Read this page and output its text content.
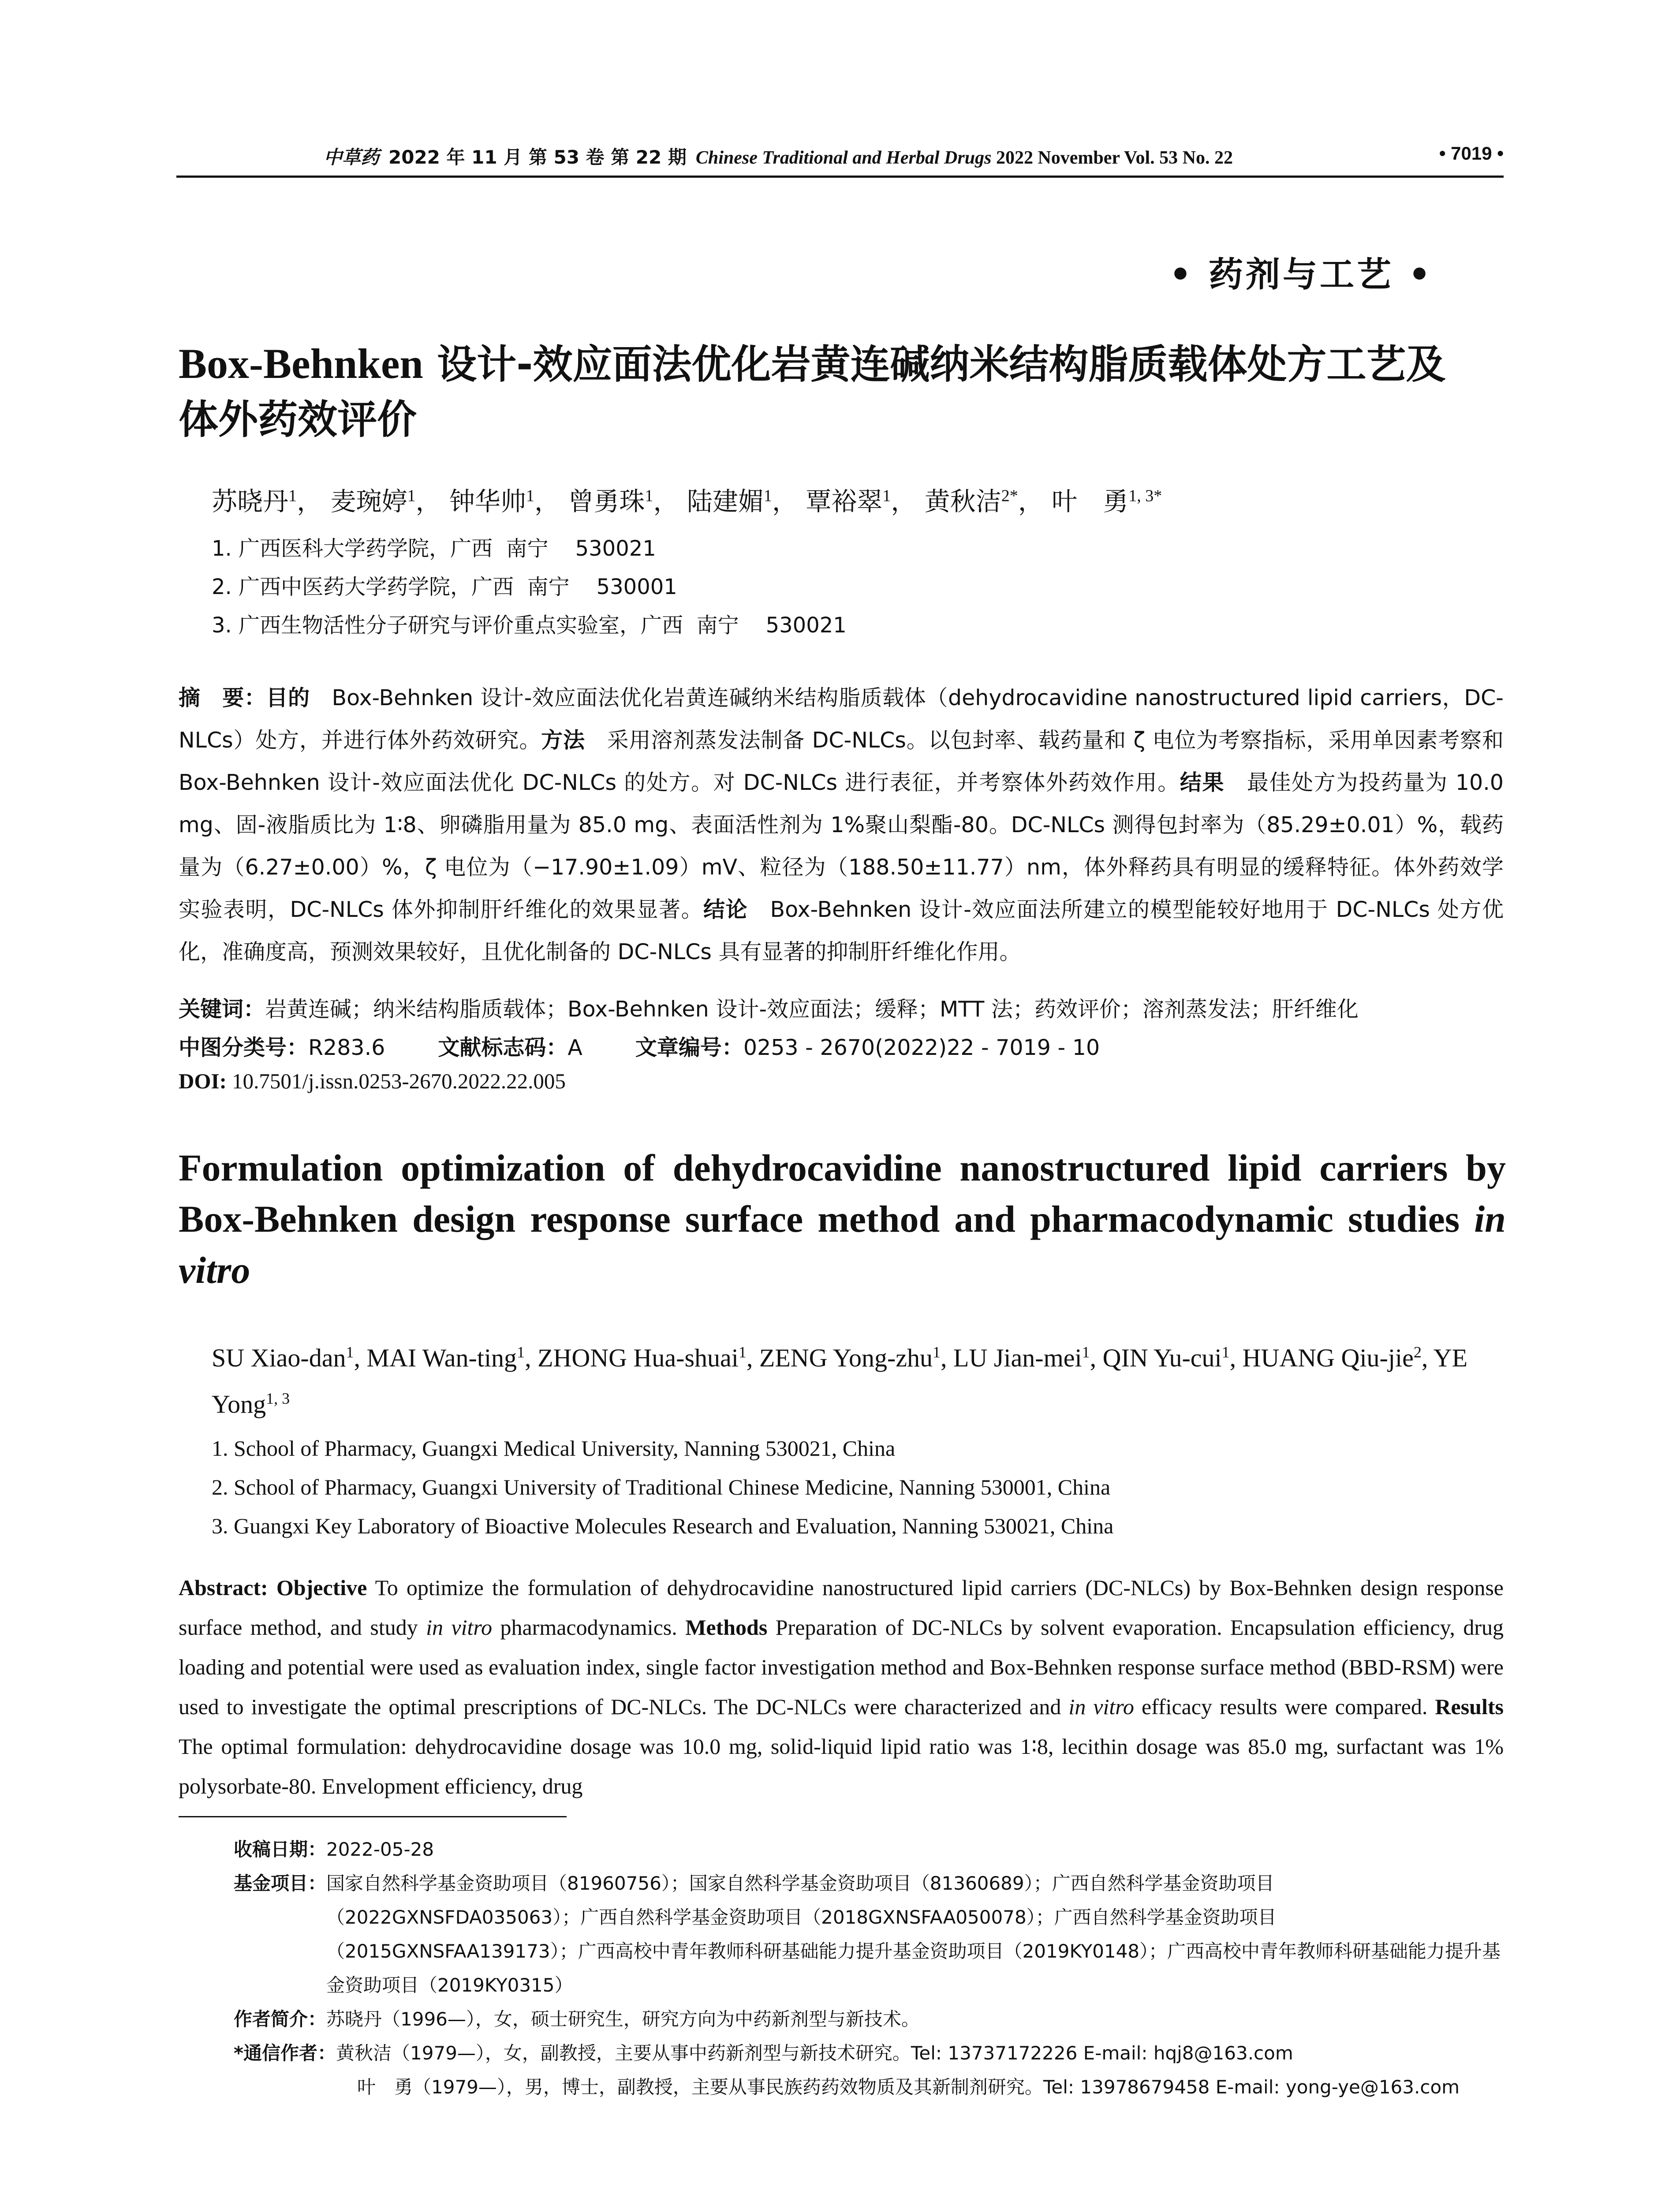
中草药 2022 年 11 月 第 53 卷 第 22 期 Chinese Traditional and Herbal Drugs 2022 November Vol. 53 No. 22	• 7019 •
• 药剂与工艺 •
Box-Behnken 设计-效应面法优化岩黄连碱纳米结构脂质载体处方工艺及
体外药效评价
苏晓丹$^1$， 麦琬婷$^1$， 钟华帅$^1$， 曾勇珠$^1$， 陆建媚$^1$， 覃裕翠$^1$， 黄秋洁$^{2*}$， 叶　勇$^{1, 3*}$
1. 广西医科大学药学院，广西  南宁    530021
2. 广西中医药大学药学院，广西  南宁    530001
3. 广西生物活性分子研究与评价重点实验室，广西  南宁    530021
摘　要：目的　Box-Behnken 设计-效应面法优化岩黄连碱纳米结构脂质载体（dehydrocavidine nanostructured lipid carriers，DC-NLCs）处方，并进行体外药效研究。方法　采用溶剂蒸发法制备 DC-NLCs。以包封率、载药量和 ζ 电位为考察指标，采用单因素考察和 Box-Behnken 设计-效应面法优化 DC-NLCs 的处方。对 DC-NLCs 进行表征，并考察体外药效作用。结果　最佳处方为投药量为 10.0 mg、固-液脂质比为 1∶8、卵磷脂用量为 85.0 mg、表面活性剂为 1%聚山梨酯-80。DC-NLCs 测得包封率为（85.29±0.01）%，载药量为（6.27±0.00）%，ζ 电位为（−17.90±1.09）mV、粒径为（188.50±11.77）nm，体外释药具有明显的缓释特征。体外药效学实验表明，DC-NLCs 体外抑制肝纤维化的效果显著。结论　Box-Behnken 设计-效应面法所建立的模型能较好地用于 DC-NLCs 处方优化，准确度高，预测效果较好，且优化制备的 DC-NLCs 具有显著的抑制肝纤维化作用。
关键词：岩黄连碱；纳米结构脂质载体；Box-Behnken 设计-效应面法；缓释；MTT 法；药效评价；溶剂蒸发法；肝纤维化
中图分类号：R283.6 文献标志码：A 文章编号：0253 - 2670(2022)22 - 7019 - 10
DOI: 10.7501/j.issn.0253-2670.2022.22.005
Formulation optimization of dehydrocavidine nanostructured lipid carriers by Box-Behnken design response surface method and pharmacodynamic studies in vitro
SU Xiao-dan$^1$, MAI Wan-ting$^1$, ZHONG Hua-shuai$^1$, ZENG Yong-zhu$^1$, LU Jian-mei$^1$, QIN Yu-cui$^1$, HUANG Qiu-jie$^2$, YE Yong$^{1, 3}$
1. School of Pharmacy, Guangxi Medical University, Nanning 530021, China
2. School of Pharmacy, Guangxi University of Traditional Chinese Medicine, Nanning 530001, China
3. Guangxi Key Laboratory of Bioactive Molecules Research and Evaluation, Nanning 530021, China
Abstract: Objective To optimize the formulation of dehydrocavidine nanostructured lipid carriers (DC-NLCs) by Box-Behnken design response surface method, and study in vitro pharmacodynamics. Methods Preparation of DC-NLCs by solvent evaporation. Encapsulation efficiency, drug loading and potential were used as evaluation index, single factor investigation method and Box-Behnken response surface method (BBD-RSM) were used to investigate the optimal prescriptions of DC-NLCs. The DC-NLCs were characterized and in vitro efficacy results were compared. Results The optimal formulation: dehydrocavidine dosage was 10.0 mg, solid-liquid lipid ratio was 1∶8, lecithin dosage was 85.0 mg, surfactant was 1% polysorbate-80. Envelopment efficiency, drug
收稿日期： 2022-05-28
基金项目： 国家自然科学基金资助项目（81960756）；国家自然科学基金资助项目（81360689）；广西自然科学基金资助项目（2022GXNSFDA035063）；广西自然科学基金资助项目（2018GXNSFAA050078）；广西自然科学基金资助项目（2015GXNSFAA139173）；广西高校中青年教师科研基础能力提升基金资助项目（2019KY0148）；广西高校中青年教师科研基础能力提升基金资助项目（2019KY0315）
作者简介： 苏晓丹（1996—），女，硕士研究生，研究方向为中药新剂型与新技术。
*通信作者： 黄秋洁（1979—），女，副教授，主要从事中药新剂型与新技术研究。Tel: 13737172226 E-mail: hqj8@163.com
叶　勇（1979—），男，博士，副教授，主要从事民族药药效物质及其新制剂研究。Tel: 13978679458 E-mail: yong-ye@163.com
